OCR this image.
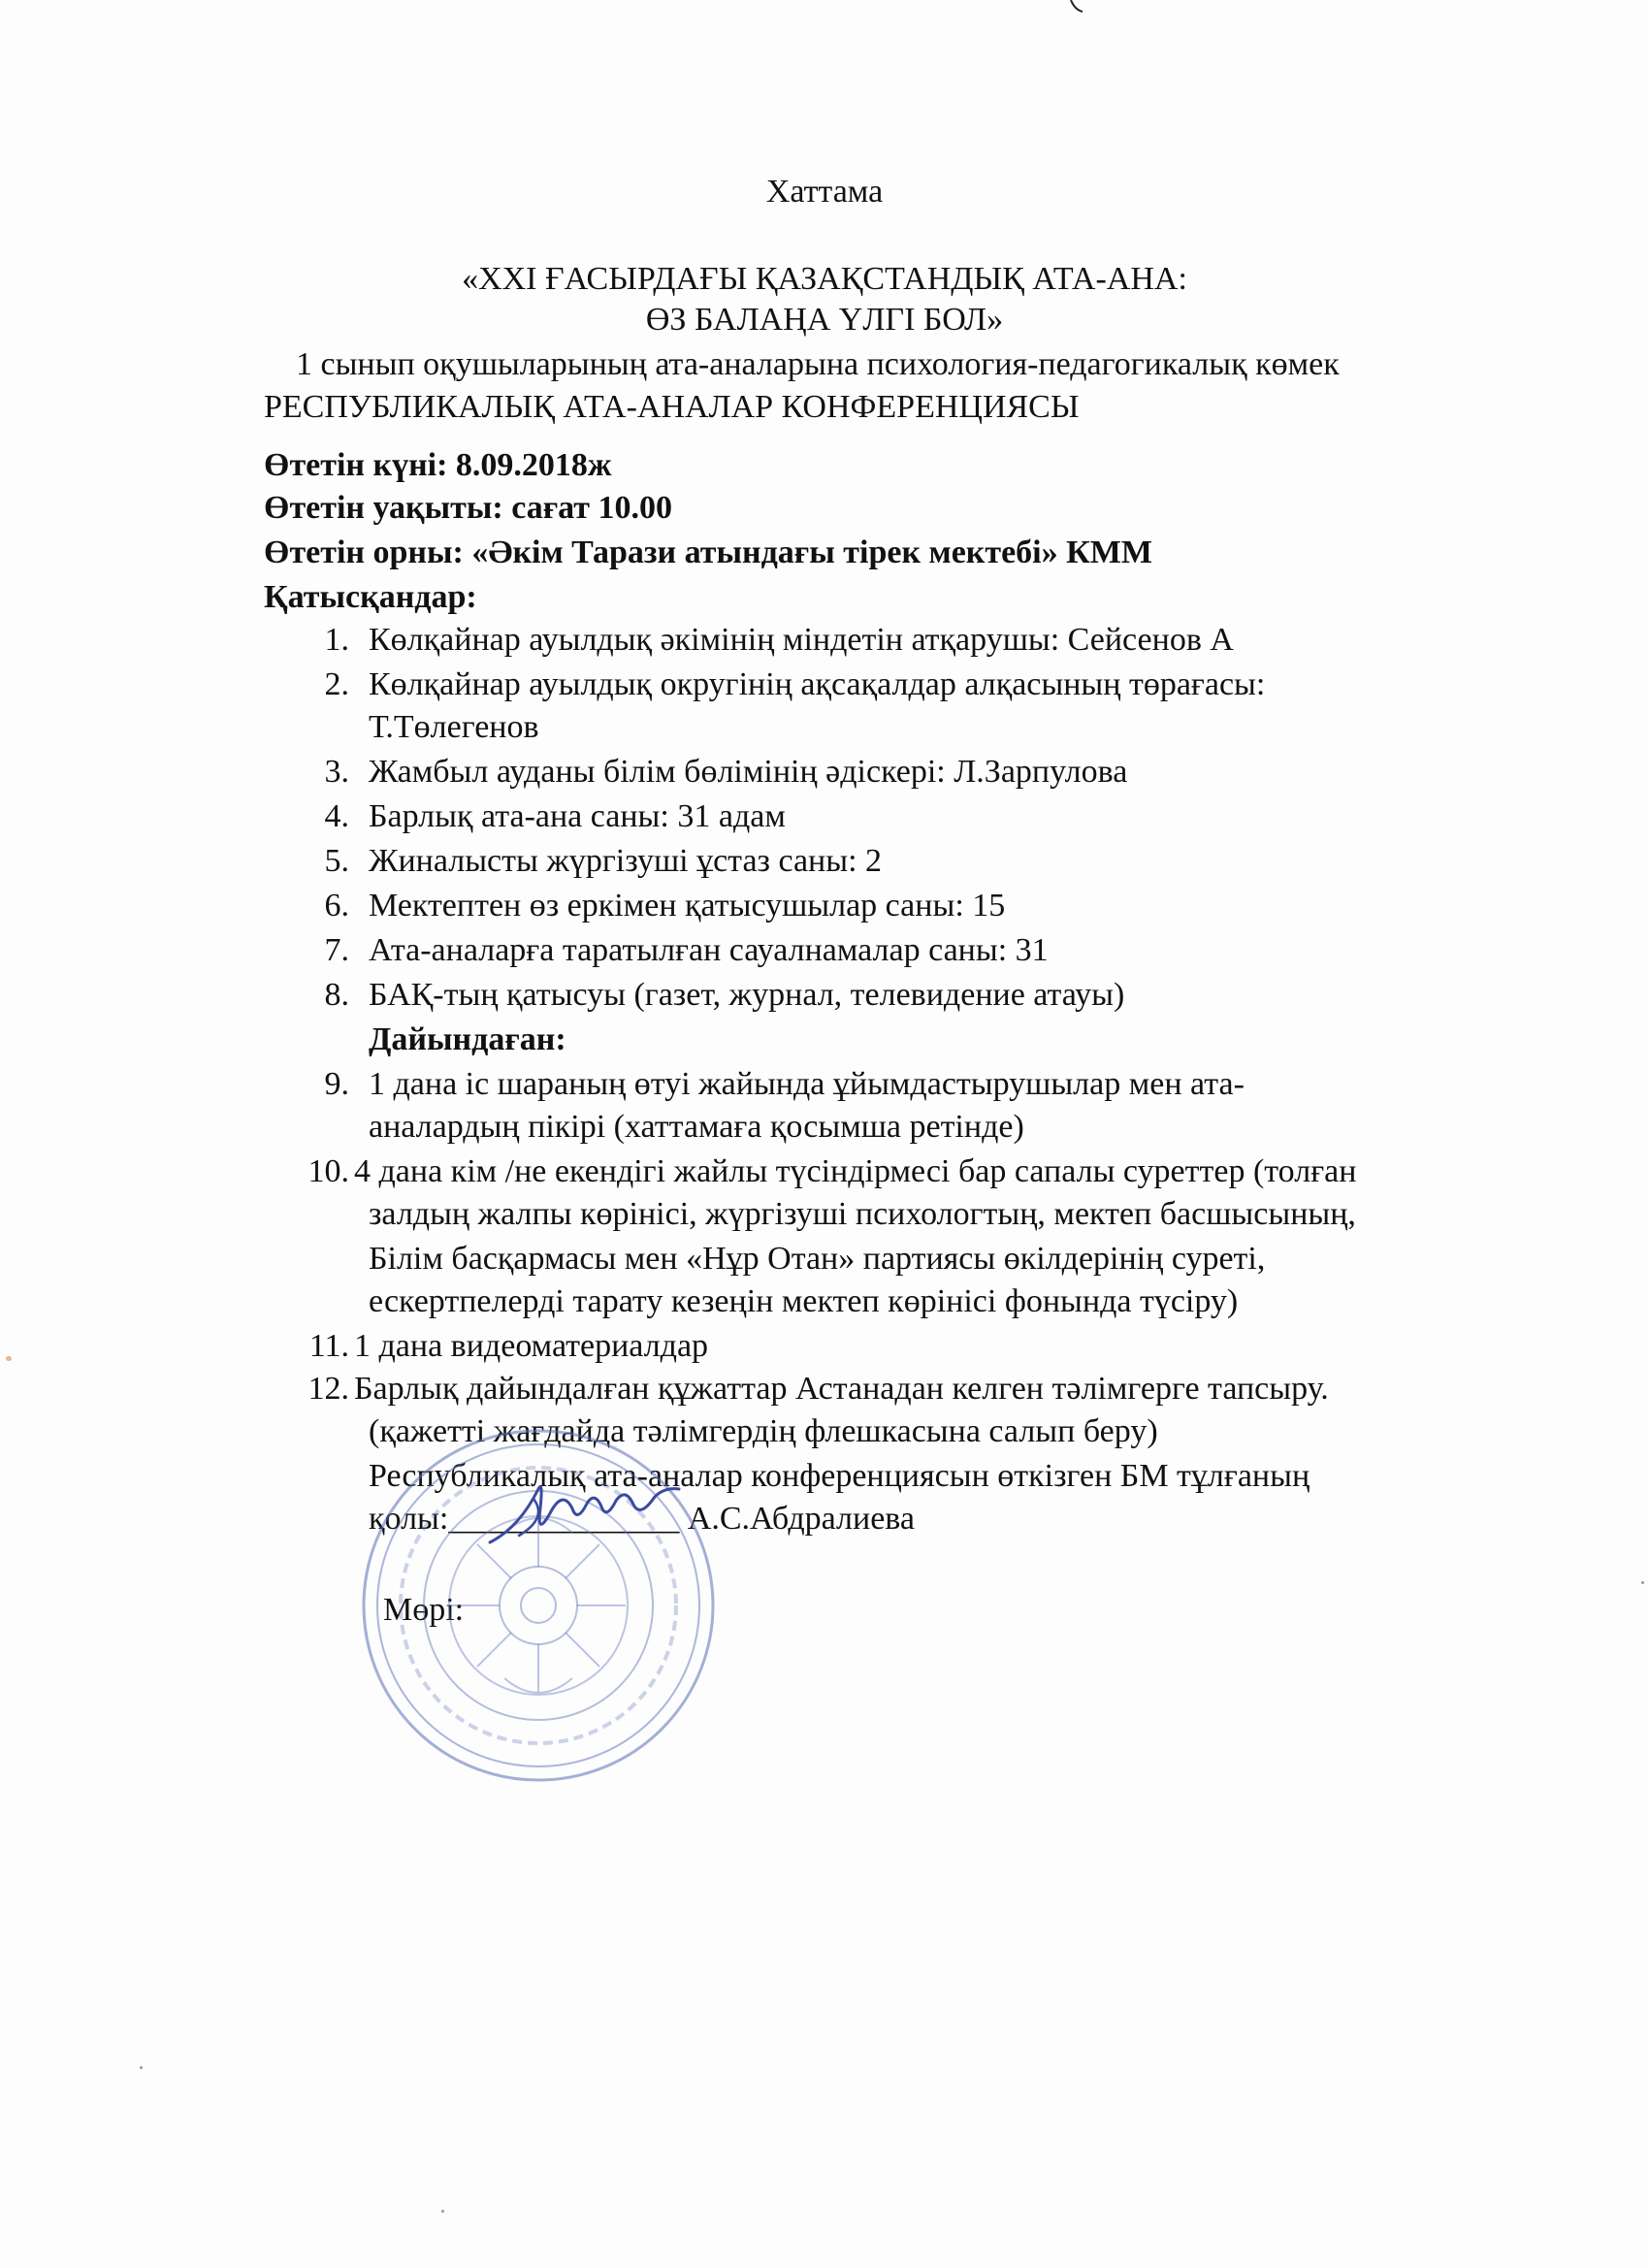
Хаттама
«XXI ҒАСЫРДАҒЫ ҚАЗАҚСТАНДЫҚ АТА-АНА:
ӨЗ БАЛАҢА ҮЛГІ БОЛ»
1 сынып оқушыларының ата-аналарына психология-педагогикалық көмек
РЕСПУБЛИКАЛЫҚ АТА-АНАЛАР КОНФЕРЕНЦИЯСЫ
Өтетін күні: 8.09.2018ж
Өтетін уақыты: сағат 10.00
Өтетін орны: «Әкім Тарази атындағы тірек мектебі» КММ
Қатысқандар:
1. Көлқайнар ауылдық әкімінің міндетін атқарушы: Сейсенов А
2. Көлқайнар ауылдық округінің ақсақалдар алқасының төрағасы:
Т.Төлегенов
3. Жамбыл ауданы білім бөлімінің әдіскері: Л.Зарпулова
4. Барлық ата-ана саны: 31 адам
5. Жиналысты жүргізуші ұстаз саны: 2
6. Мектептен өз еркімен қатысушылар саны: 15
7. Ата-аналарға таратылған сауалнамалар саны: 31
8. БАҚ-тың қатысуы (газет, журнал, телевидение атауы)
Дайындаған:
9. 1 дана іс шараның өтуі жайында ұйымдастырушылар мен ата-
аналардың пікірі (хаттамаға қосымша ретінде)
10. 4 дана кім /не екендігі жайлы түсіндірмесі бар сапалы суреттер (толған
залдың жалпы көрінісі, жүргізуші психологтың, мектеп басшысының,
Білім басқармасы мен «Нұр Отан» партиясы өкілдерінің суреті,
ескертпелерді тарату кезеңін мектеп көрінісі фонында түсіру)
11. 1 дана видеоматериалдар
12. Барлық дайындалған құжаттар Астанадан келген тәлімгерге тапсыру.
(қажетті жағдайда тәлімгердің флешкасына салып беру)
Республикалық ата-аналар конференциясын өткізген БМ тұлғаның
қолы:______________ А.С.Абдралиева
Мөрі:
